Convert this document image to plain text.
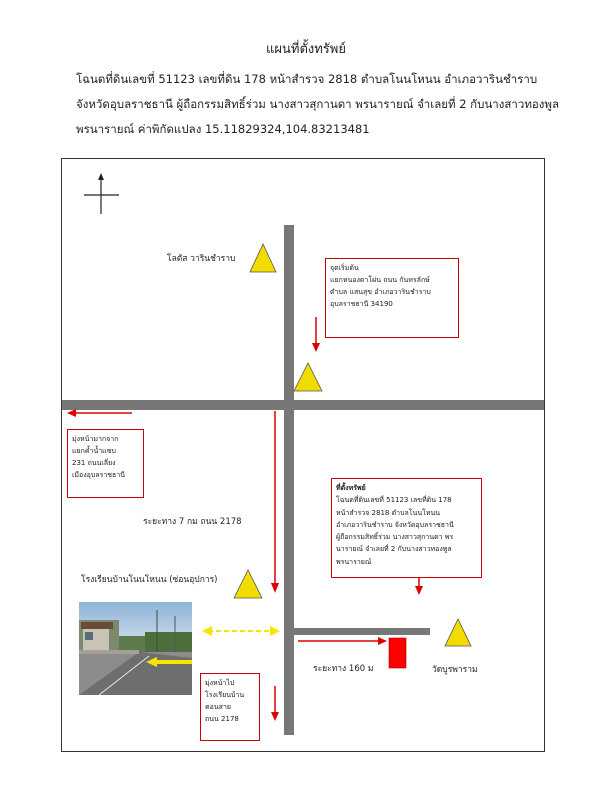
แผนที่ตั้งทรัพย์
โฉนดที่ดินเลขที่ 51123 เลขที่ดิน 178 หน้าสำรวจ 2818 ตำบลโนนโหนน อำเภอวารินชำราบ
จังหวัดอุบลราชธานี ผู้ถือกรรมสิทธิ์ร่วม นางสาวสุกานดา พรนารายณ์ จำเลยที่ 2 กับนางสาวทองพูล
พรนารายณ์ ค่าพิกัดแปลง 15.11829324,104.83213481
โลตัส วารินชำราบ
ระยะทาง 7 กม ถนน 2178
โรงเรียนบ้านโนนโหนน (ซ่อนอุปการ)
ระยะทาง 160 ม	วัดบูรพาราม
จุดเริ่มต้น
แยกหนองตาโผ่น ถนน กันทรลักษ์
ตำบล แสนสุข อำเภอวารินชำราบ
อุบลราชธานี 34190
มุ่งหน้ามากจาก
แยกค้ำน้ำแซบ
231 ถนนเลี่ยง
เมืองอุบลราชธานี
ที่ตั้งทรัพย์
โฉนดที่ดินเลขที่ 51123 เลขที่ดิน 178
หน้าสำรวจ 2818 ตำบลโนนโหนน
อำเภอวารินชำราบ จังหวัดอุบลราชธานี
ผู้ถือกรรมสิทธิ์ร่วม นางสาวสุกานดา พร
นารายณ์ จำเลยที่ 2 กับนางสาวทองพูล
พรนารายณ์
มุ่งหน้าไป
โรงเรียนบ้าน
คอนสาย
ถนน 2178
